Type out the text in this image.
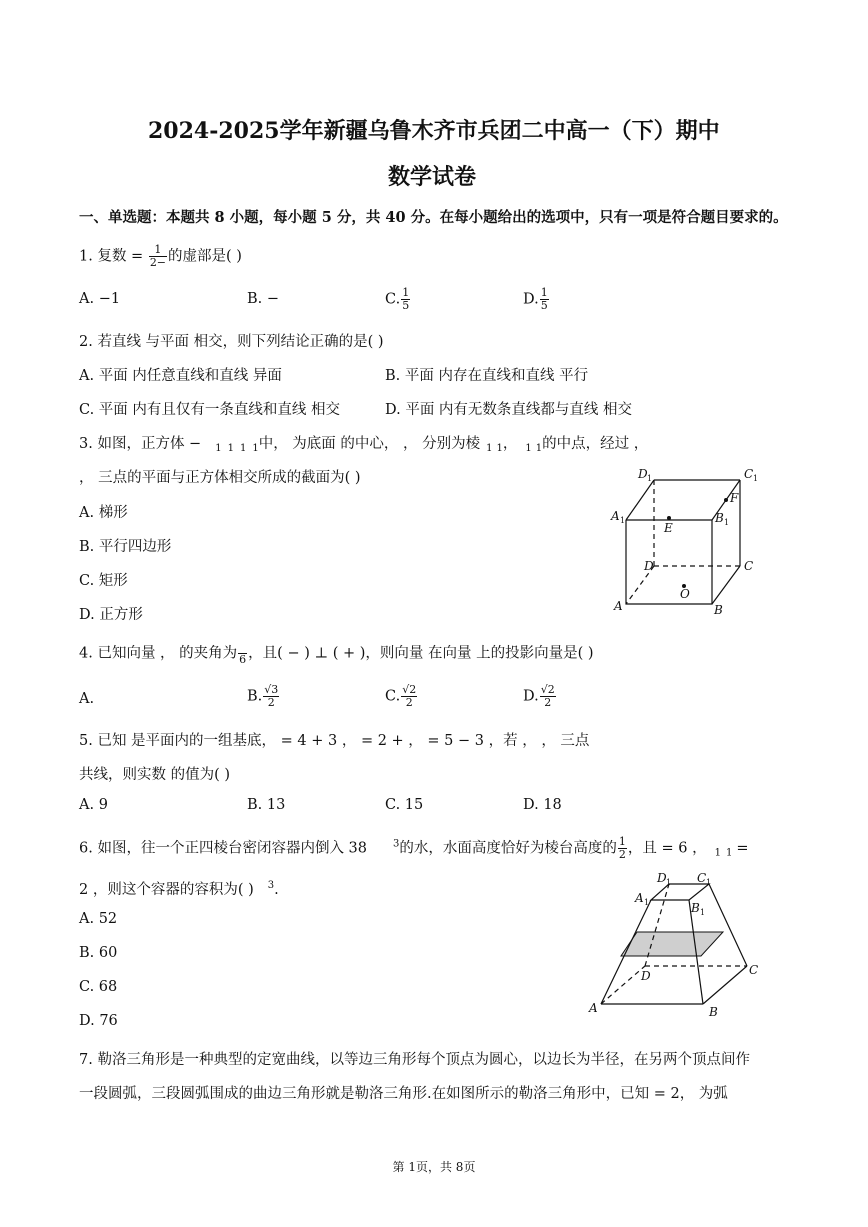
2024-2025学年新疆乌鲁木齐市兵团二中高一（下）期中
数学试卷
一、单选题：本题共 8 小题，每小题 5 分，共 40 分。在每小题给出的选项中，只有一项是符合题目要求的。
1. 复数 = $\frac{1}{2-}$ 的虚部是( )
A. −1	B. −	C. $\frac{1}{5}$	D. $\frac{1}{5}$
2. 若直线 与平面 相交，则下列结论正确的是( )
A. 平面 内任意直线和直线 异面	B. 平面 内存在直线和直线 平行
C. 平面 内有且仅有一条直线和直线 相交	D. 平面 内有无数条直线都与直线 相交
3. 如图，正方体 − $_1$ $_1$ $_1$ $_1$中， 为底面 的中心， ， 分别为棱 $_1$ $_1$， $_1$ $_1$的中点，经过 ，
， 三点的平面与正方体相交所成的截面为( )
A. 梯形
B. 平行四边形
C. 矩形
D. 正方形
D 1	C 1
A 1	B 1
E
F
D	C
O
A	B
4. 已知向量 ， 的夹角为 6 ，且( − ) ⊥ ( + )，则向量 在向量 上的投影向量是( )
A.	B. $\frac{√3}{2}$	C. $\frac{√2}{2}$	D. $\frac{√2}{2}$
5. 已知 是平面内的一组基底， = 4 + 3 ， = 2 + ， = 5 − 3 ，若 ， ， 三点
共线，则实数 的值为( )
A. 9	B. 13	C. 15	D. 18
6. 如图，往一个正四棱台密闭容器内倒入 38	$^3$的水，水面高度恰好为棱台高度的 $\frac{1}{2}$ ，且 = 6 ， $_1$ $_1$ =
2 ，则这个容器的容积为( ) $^3$.
A. 52
B. 60
C. 68
D. 76
D 1 C 1
A 1	B 1
D	C
A	B
7. 勒洛三角形是一种典型的定宽曲线，以等边三角形每个顶点为圆心，以边长为半径，在另两个顶点间作
一段圆弧，三段圆弧围成的曲边三角形就是勒洛三角形.在如图所示的勒洛三角形中，已知 = 2， 为弧
第 1页，共 8页
